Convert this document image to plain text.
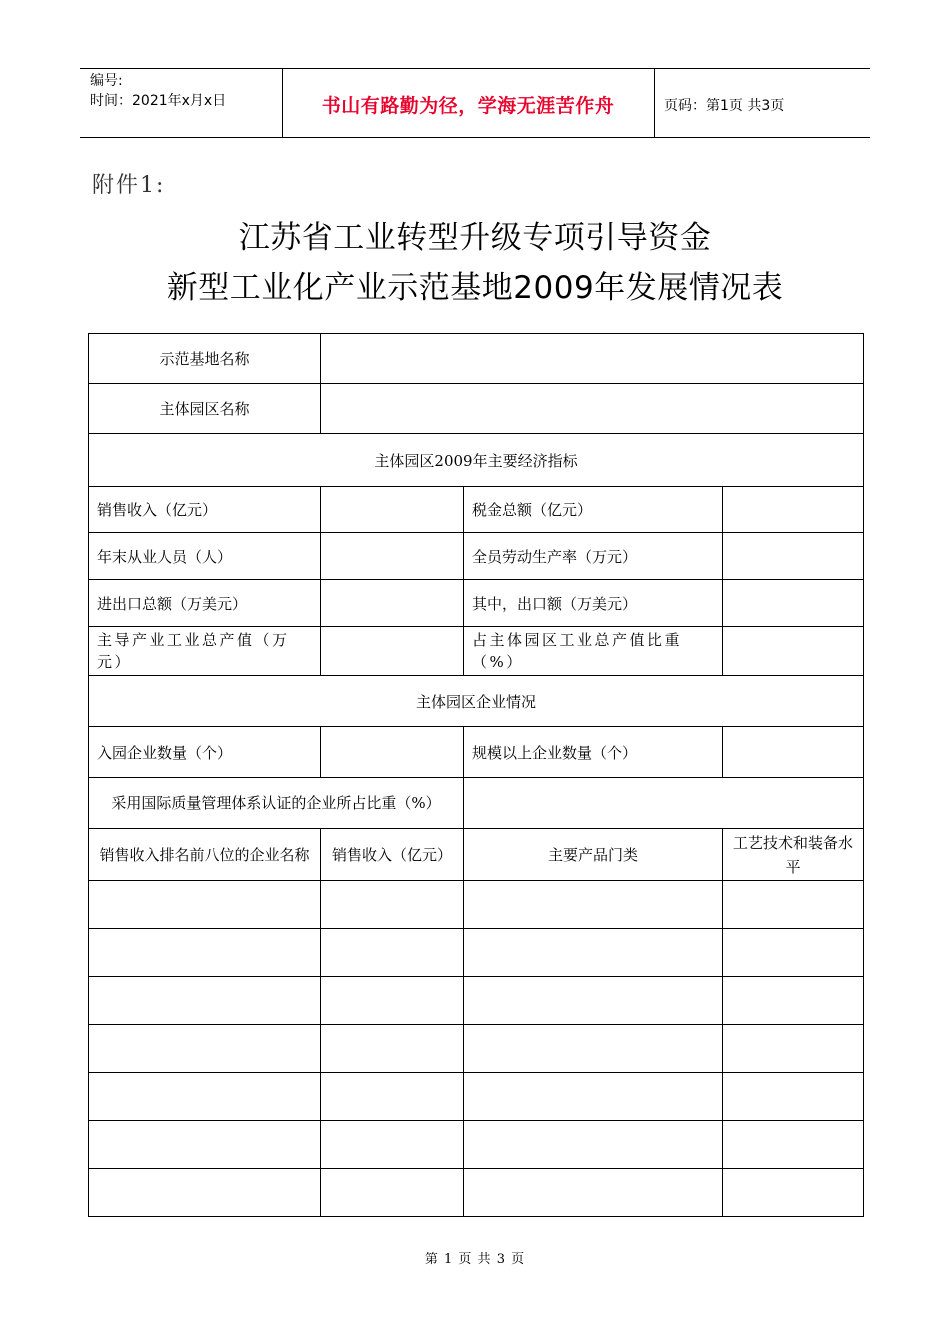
编号:
时间：2021年x月x日	书山有路勤为径，学海无涯苦作舟	页码：第1页 共3页
附件1:
江苏省工业转型升级专项引导资金
新型工业化产业示范基地2009年发展情况表
示范基地名称			
主体园区名称			
主体园区2009年主要经济指标			
销售收入（亿元）		税金总额（亿元）	
年末从业人员（人）		全员劳动生产率（万元）	
进出口总额（万美元）		其中，出口额（万美元）	
主导产业工业总产值（万元）		占主体园区工业总产值比重（%）	
主体园区企业情况			
入园企业数量（个）		规模以上企业数量（个）	
采用国际质量管理体系认证的企业所占比重（%）			
销售收入排名前八位的企业名称	销售收入（亿元）	主要产品门类	工艺技术和装备水平

第 1 页 共 3 页
